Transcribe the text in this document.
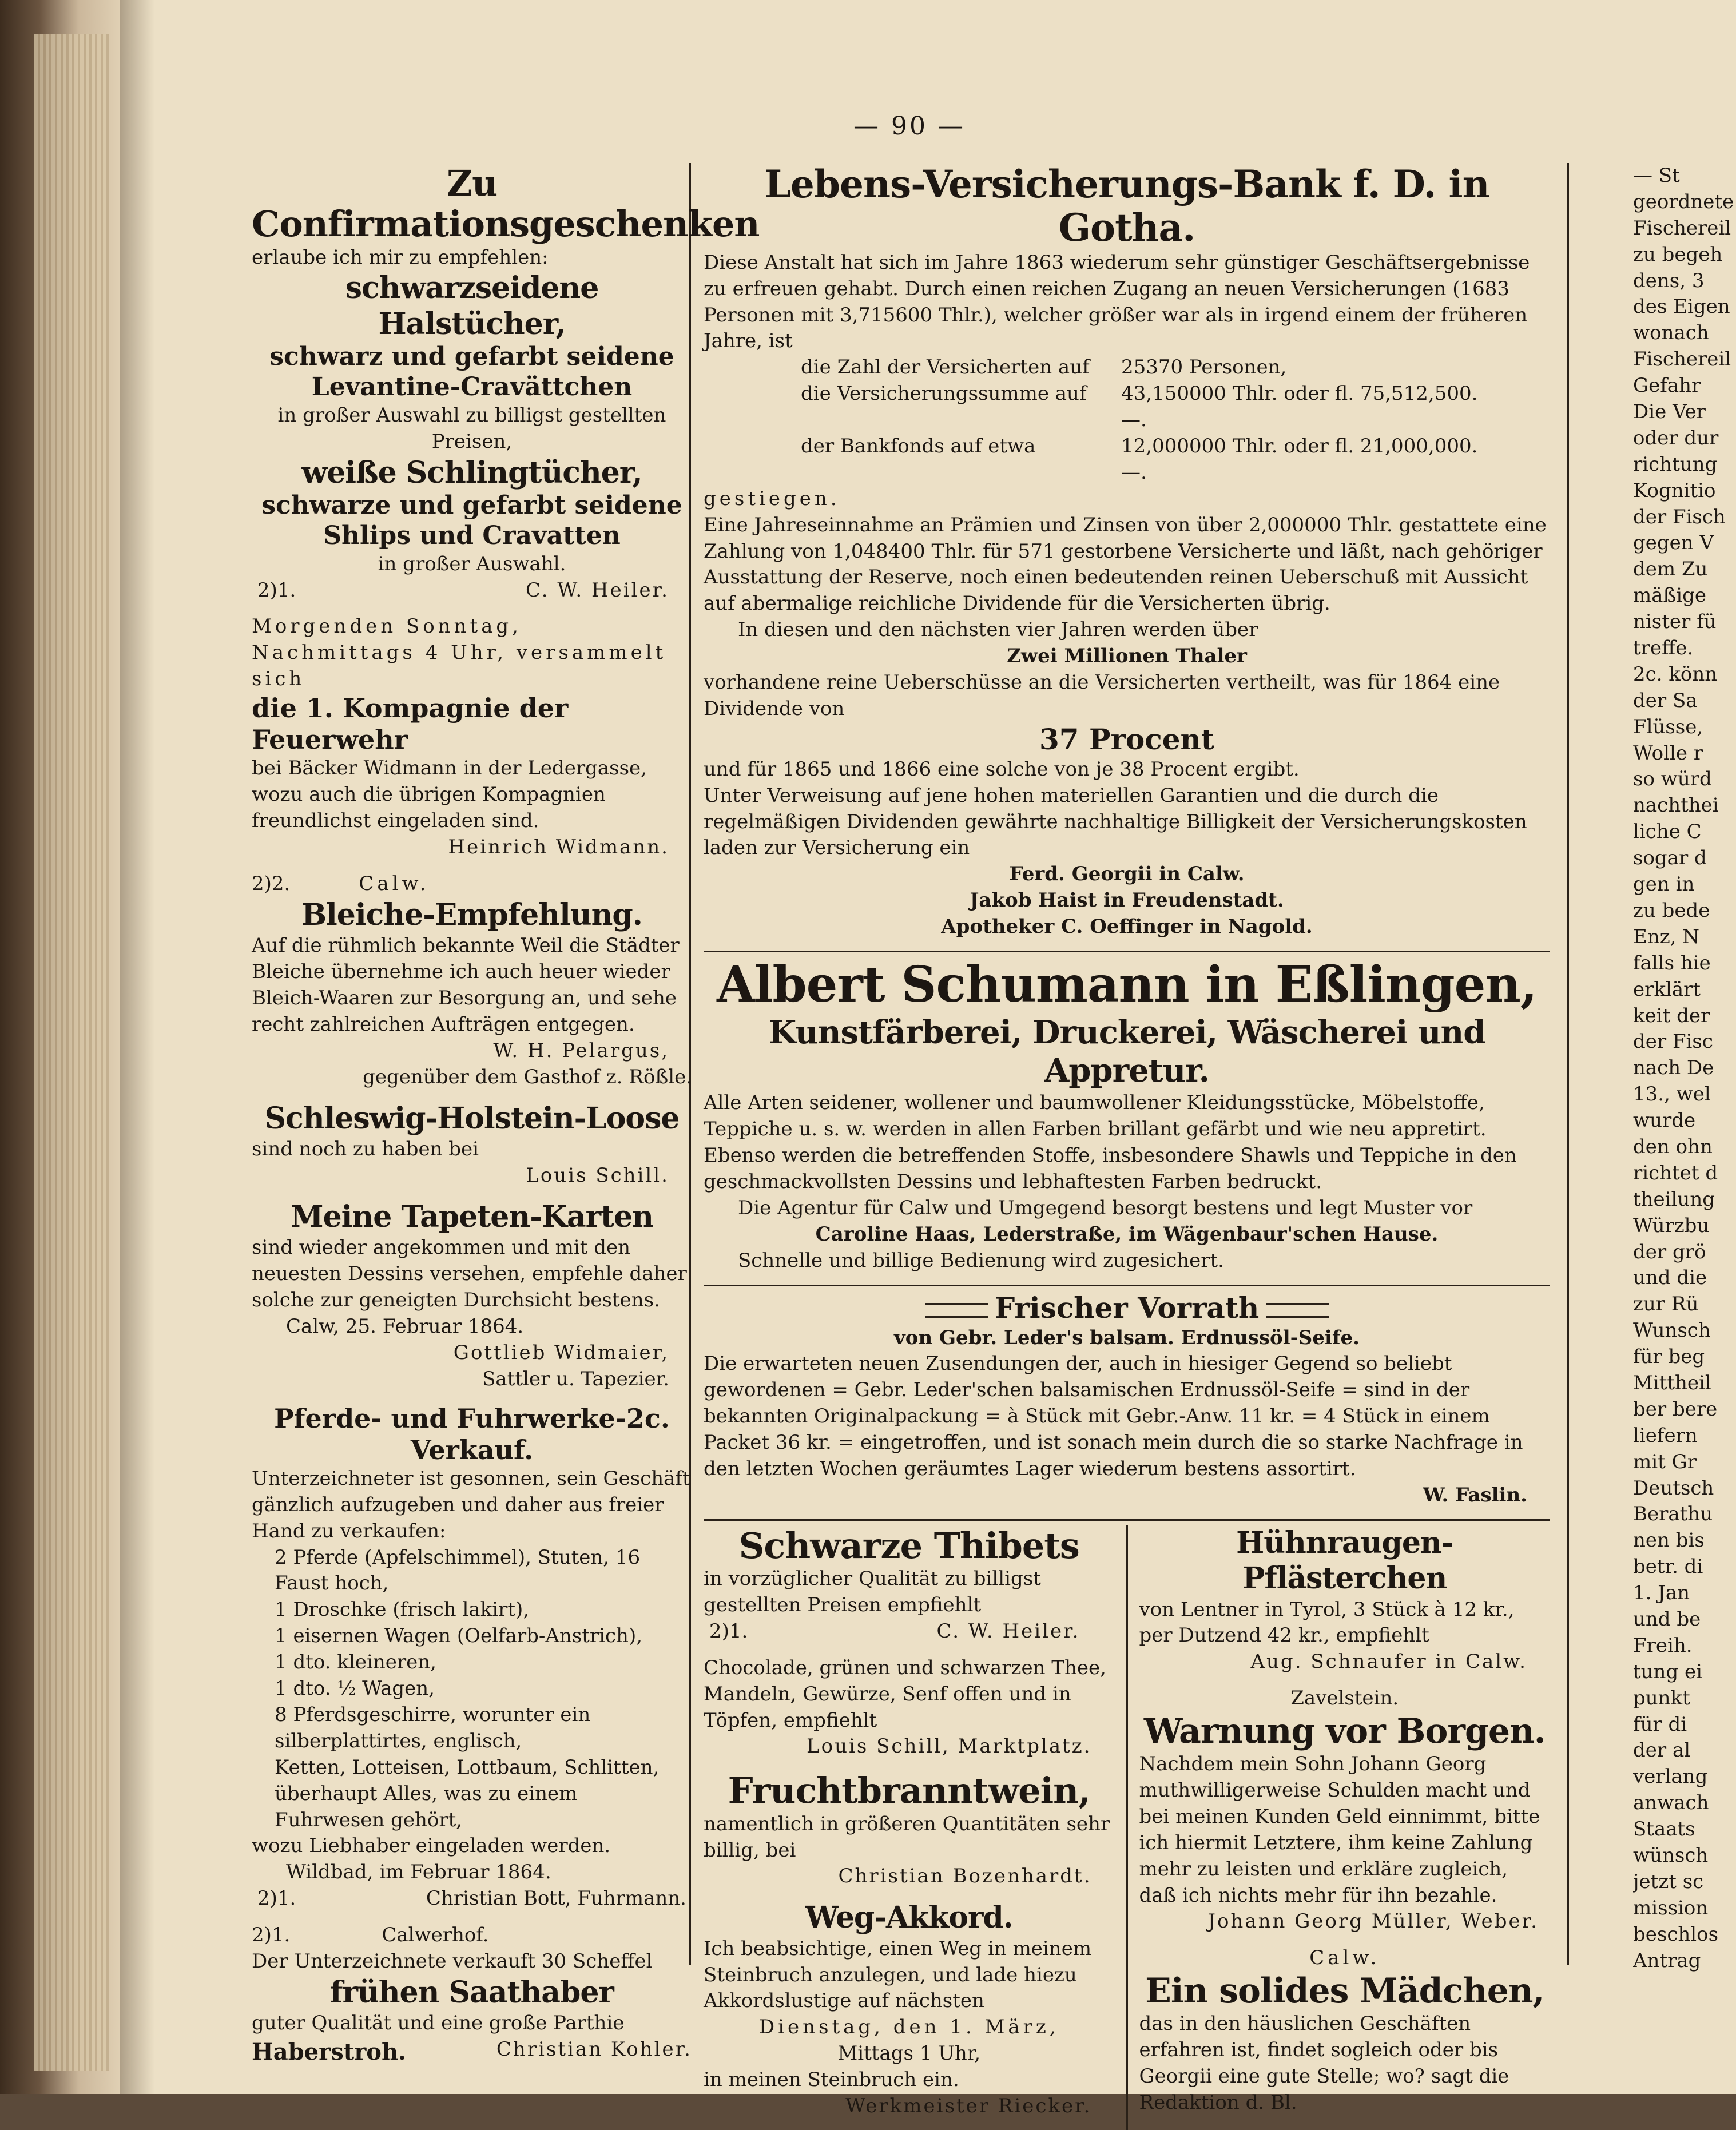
— 90 —
Zu Confirmationsgeschenken
erlaube ich mir zu empfehlen:
schwarzseidene Halstücher,
schwarz und gefarbt seidene
Levantine-Cravättchen
in großer Auswahl zu billigst gestellten Preisen,
weiße Schlingtücher,
schwarze und gefarbt seidene
Shlips und Cravatten
in großer Auswahl.
2)1.	C. W. Heiler.
Morgenden Sonntag, Nachmittags 4 Uhr, versammelt sich
die 1. Kompagnie der Feuerwehr
bei Bäcker Widmann in der Ledergasse, wozu auch die übrigen Kompagnien freundlichst eingeladen sind.
Heinrich Widmann.
2)2.	Calw.
Bleiche-Empfehlung.
Auf die rühmlich bekannte Weil die Städter Bleiche übernehme ich auch heuer wieder Bleich-Waaren zur Besorgung an, und sehe recht zahlreichen Aufträgen entgegen.
W. H. Pelargus,
gegenüber dem Gasthof z. Rößle.
Schleswig-Holstein-Loose
sind noch zu haben bei
Louis Schill.
Meine Tapeten-Karten
sind wieder angekommen und mit den neuesten Dessins versehen, empfehle daher solche zur geneigten Durchsicht bestens.
Calw, 25. Februar 1864.
Gottlieb Widmaier,
Sattler u. Tapezier.
Pferde- und Fuhrwerke-2c. Verkauf.
Unterzeichneter ist gesonnen, sein Geschäft gänzlich aufzugeben und daher aus freier Hand zu verkaufen:
2 Pferde (Apfelschimmel), Stuten, 16 Faust hoch,
1 Droschke (frisch lakirt),
1 eisernen Wagen (Oelfarb-Anstrich),
1 dto. kleineren,
1 dto. ½ Wagen,
8 Pferdsgeschirre, worunter ein silberplattirtes, englisch,
Ketten, Lotteisen, Lottbaum, Schlitten, überhaupt Alles, was zu einem Fuhrwesen gehört,
wozu Liebhaber eingeladen werden.
Wildbad, im Februar 1864.
2)1.	Christian Bott, Fuhrmann.
2)1.	Calwerhof.
Der Unterzeichnete verkauft 30 Scheffel
frühen Saathaber
guter Qualität und eine große Parthie
Haberstroh.	Christian Kohler.
Lebens-Versicherungs-Bank f. D. in Gotha.
Diese Anstalt hat sich im Jahre 1863 wiederum sehr günstiger Geschäftsergebnisse zu erfreuen gehabt. Durch einen reichen Zugang an neuen Versicherungen (1683 Personen mit 3,715600 Thlr.), welcher größer war als in irgend einem der früheren Jahre, ist
die Zahl der Versicherten auf	25370 Personen,
die Versicherungssumme auf	43,150000 Thlr. oder fl. 75,512,500. —.
der Bankfonds auf etwa	12,000000 Thlr. oder fl. 21,000,000. —.
gestiegen.
Eine Jahreseinnahme an Prämien und Zinsen von über 2,000000 Thlr. gestattete eine Zahlung von 1,048400 Thlr. für 571 gestorbene Versicherte und läßt, nach gehöriger Ausstattung der Reserve, noch einen bedeutenden reinen Ueberschuß mit Aussicht auf abermalige reichliche Dividende für die Versicherten übrig.
In diesen und den nächsten vier Jahren werden über
Zwei Millionen Thaler
vorhandene reine Ueberschüsse an die Versicherten vertheilt, was für 1864 eine Dividende von
37 Procent
und für 1865 und 1866 eine solche von je 38 Procent ergibt.
Unter Verweisung auf jene hohen materiellen Garantien und die durch die regelmäßigen Dividenden gewährte nachhaltige Billigkeit der Versicherungskosten laden zur Versicherung ein
Ferd. Georgii in Calw.
Jakob Haist in Freudenstadt.
Apotheker C. Oeffinger in Nagold.
Albert Schumann in Eßlingen,
Kunstfärberei, Druckerei, Wäscherei und Appretur.
Alle Arten seidener, wollener und baumwollener Kleidungsstücke, Möbelstoffe, Teppiche u. s. w. werden in allen Farben brillant gefärbt und wie neu appretirt.
Ebenso werden die betreffenden Stoffe, insbesondere Shawls und Teppiche in den geschmackvollsten Dessins und lebhaftesten Farben bedruckt.
Die Agentur für Calw und Umgegend besorgt bestens und legt Muster vor
Caroline Haas, Lederstraße, im Wägenbaur'schen Hause.
Schnelle und billige Bedienung wird zugesichert.
Frischer Vorrath
von Gebr. Leder's balsam. Erdnussöl-Seife.
Die erwarteten neuen Zusendungen der, auch in hiesiger Gegend so beliebt gewordenen = Gebr. Leder'schen balsamischen Erdnussöl-Seife = sind in der bekannten Originalpackung = à Stück mit Gebr.-Anw. 11 kr. = 4 Stück in einem Packet 36 kr. = eingetroffen, und ist sonach mein durch die so starke Nachfrage in den letzten Wochen geräumtes Lager wiederum bestens assortirt.
W. Faslin.
Schwarze Thibets
in vorzüglicher Qualität zu billigst gestellten Preisen empfiehlt
2)1.	C. W. Heiler.
Chocolade, grünen und schwarzen Thee, Mandeln, Gewürze, Senf offen und in Töpfen, empfiehlt
Louis Schill, Marktplatz.
Fruchtbranntwein,
namentlich in größeren Quantitäten sehr billig, bei
Christian Bozenhardt.
Weg-Akkord.
Ich beabsichtige, einen Weg in meinem Steinbruch anzulegen, und lade hiezu Akkordslustige auf nächsten
Dienstag, den 1. März,
Mittags 1 Uhr,
in meinen Steinbruch ein.
Werkmeister Riecker.
Hühnraugen-Pflästerchen
von Lentner in Tyrol, 3 Stück à 12 kr., per Dutzend 42 kr., empfiehlt
Aug. Schnaufer in Calw.
Zavelstein.
Warnung vor Borgen.
Nachdem mein Sohn Johann Georg muthwilligerweise Schulden macht und bei meinen Kunden Geld einnimmt, bitte ich hiermit Letztere, ihm keine Zahlung mehr zu leisten und erkläre zugleich, daß ich nichts mehr für ihn bezahle.
Johann Georg Müller, Weber.
Calw.
Ein solides Mädchen,
das in den häuslichen Geschäften erfahren ist, findet sogleich oder bis Georgii eine gute Stelle; wo? sagt die Redaktion d. Bl.
— St
geordnete
Fischereil
zu begeh
dens, 3
des Eigen
wonach
Fischereil
Gefahr
Die Ver
oder dur
richtung
Kognitio
der Fisch
gegen V
dem Zu
mäßige
nister fü
treffe.
2c. könn
der Sa
Flüsse,
Wolle r
so würd
nachthei
liche C
sogar d
gen in
zu bede
Enz, N
falls hie
erklärt
keit der
der Fisc
nach De
13., wel
wurde
den ohn
richtet d
theilung
Würzbu
der grö
und die
zur Rü
Wunsch
für beg
Mittheil
ber bere
liefern
mit Gr
Deutsch
Berathu
nen bis
betr. di
1. Jan
und be
Freih.
tung ei
punkt
für di
der al
verlang
anwach
Staats
wünsch
jetzt sc
mission
beschlos
Antrag
